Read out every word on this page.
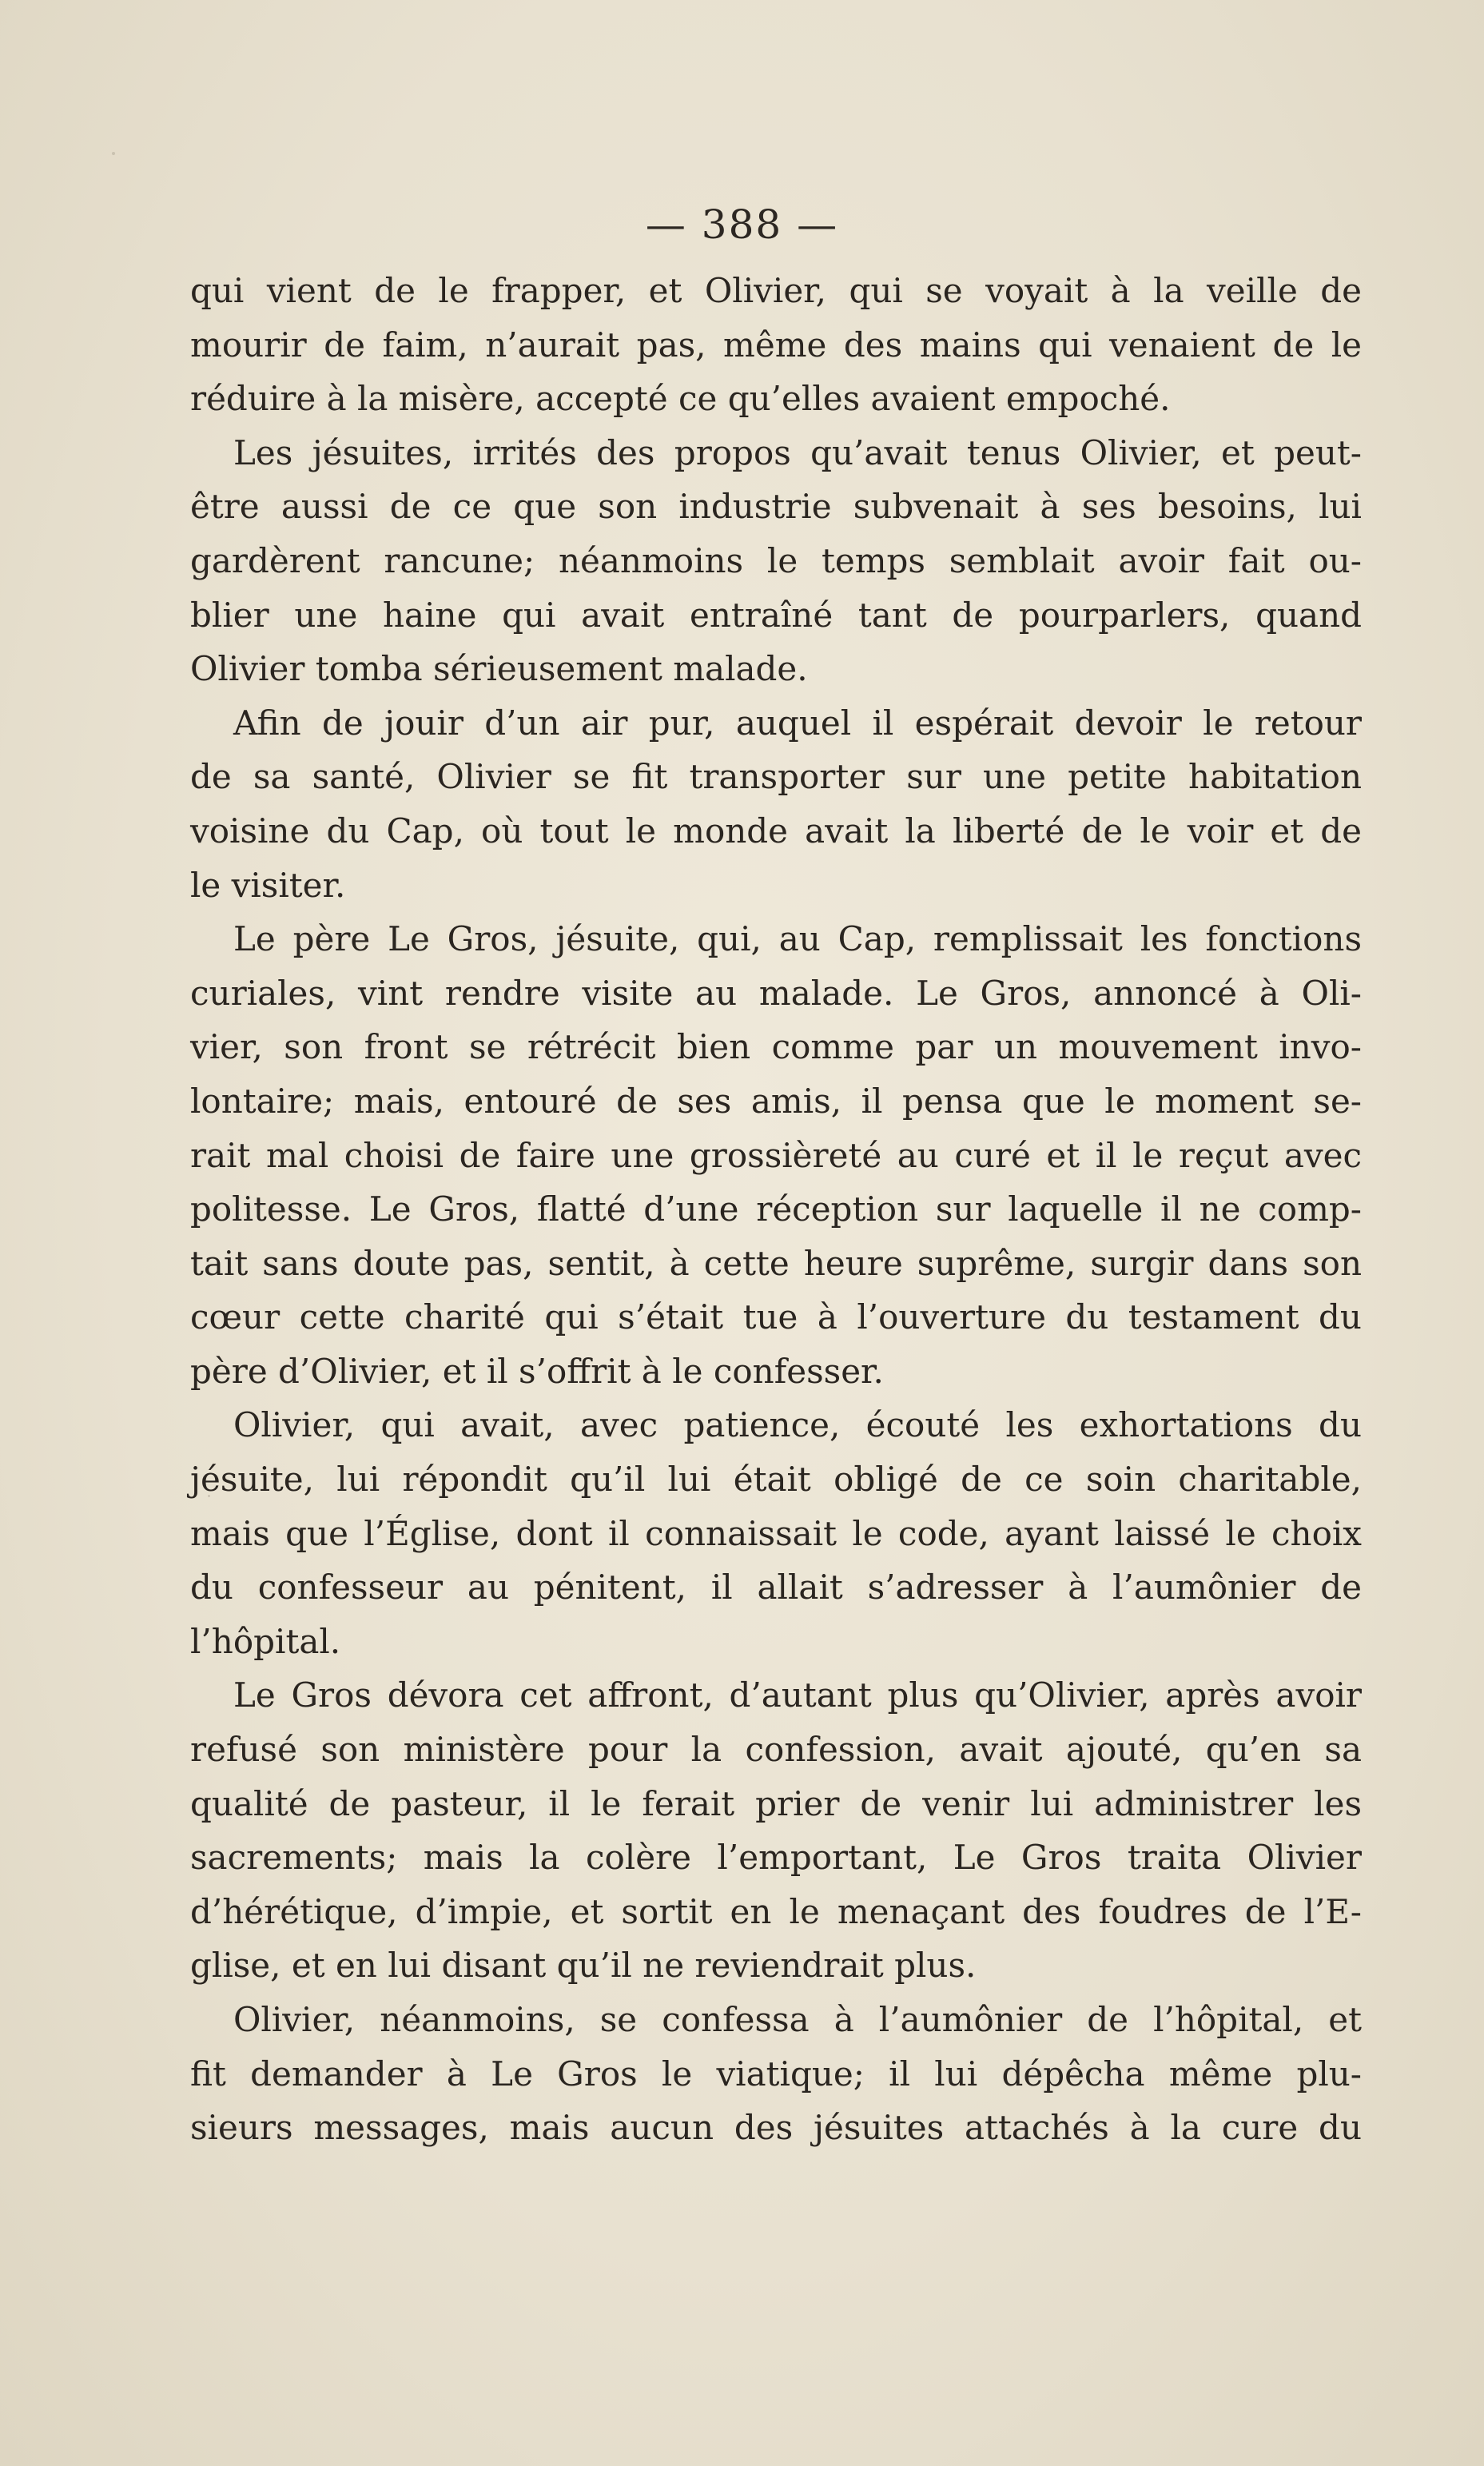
— 388 —
qui vient de le frapper, et Olivier, qui se voyait à la veille de
mourir de faim, n’aurait pas, même des mains qui venaient de le
réduire à la misère, accepté ce qu’elles avaient empoché.
Les jésuites, irrités des propos qu’avait tenus Olivier, et peut-
être aussi de ce que son industrie subvenait à ses besoins, lui
gardèrent rancune; néanmoins le temps semblait avoir fait ou-
blier une haine qui avait entraîné tant de pourparlers, quand
Olivier tomba sérieusement malade.
Afin de jouir d’un air pur, auquel il espérait devoir le retour
de sa santé, Olivier se fit transporter sur une petite habitation
voisine du Cap, où tout le monde avait la liberté de le voir et de
le visiter.
Le père Le Gros, jésuite, qui, au Cap, remplissait les fonctions
curiales, vint rendre visite au malade. Le Gros, annoncé à Oli-
vier, son front se rétrécit bien comme par un mouvement invo-
lontaire; mais, entouré de ses amis, il pensa que le moment se-
rait mal choisi de faire une grossièreté au curé et il le reçut avec
politesse. Le Gros, flatté d’une réception sur laquelle il ne comp-
tait sans doute pas, sentit, à cette heure suprême, surgir dans son
cœur cette charité qui s’était tue à l’ouverture du testament du
père d’Olivier, et il s’offrit à le confesser.
Olivier, qui avait, avec patience, écouté les exhortations du
jésuite, lui répondit qu’il lui était obligé de ce soin charitable,
mais que l’Église, dont il connaissait le code, ayant laissé le choix
du confesseur au pénitent, il allait s’adresser à l’aumônier de
l’hôpital.
Le Gros dévora cet affront, d’autant plus qu’Olivier, après avoir
refusé son ministère pour la confession, avait ajouté, qu’en sa
qualité de pasteur, il le ferait prier de venir lui administrer les
sacrements; mais la colère l’emportant, Le Gros traita Olivier
d’hérétique, d’impie, et sortit en le menaçant des foudres de l’E-
glise, et en lui disant qu’il ne reviendrait plus.
Olivier, néanmoins, se confessa à l’aumônier de l’hôpital, et
fit demander à Le Gros le viatique; il lui dépêcha même plu-
sieurs messages, mais aucun des jésuites attachés à la cure du
